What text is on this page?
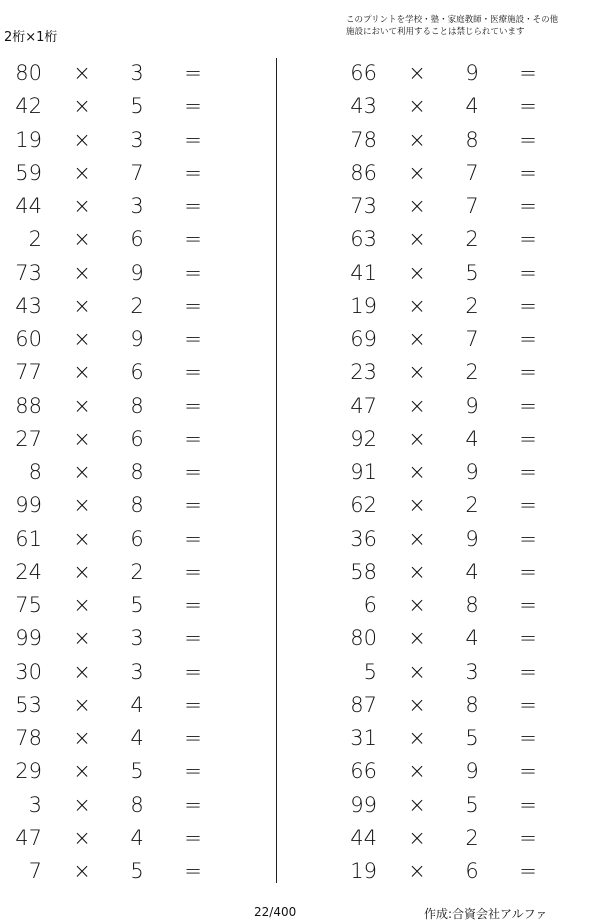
2桁×1桁
このプリントを学校・塾・家庭教師・医療施設・その他
施設において利用することは禁じられています
80 × 3 =
42 × 5 =
19 × 3 =
59 × 7 =
44 × 3 =
2 × 6 =
73 × 9 =
43 × 2 =
60 × 9 =
77 × 6 =
88 × 8 =
27 × 6 =
8 × 8 =
99 × 8 =
61 × 6 =
24 × 2 =
75 × 5 =
99 × 3 =
30 × 3 =
53 × 4 =
78 × 4 =
29 × 5 =
3 × 8 =
47 × 4 =
7 × 5 =
66 × 9 =
43 × 4 =
78 × 8 =
86 × 7 =
73 × 7 =
63 × 2 =
41 × 5 =
19 × 2 =
69 × 7 =
23 × 2 =
47 × 9 =
92 × 4 =
91 × 9 =
62 × 2 =
36 × 9 =
58 × 4 =
6 × 8 =
80 × 4 =
5 × 3 =
87 × 8 =
31 × 5 =
66 × 9 =
99 × 5 =
44 × 2 =
19 × 6 =
22/400	作成:合資会社アルファ
